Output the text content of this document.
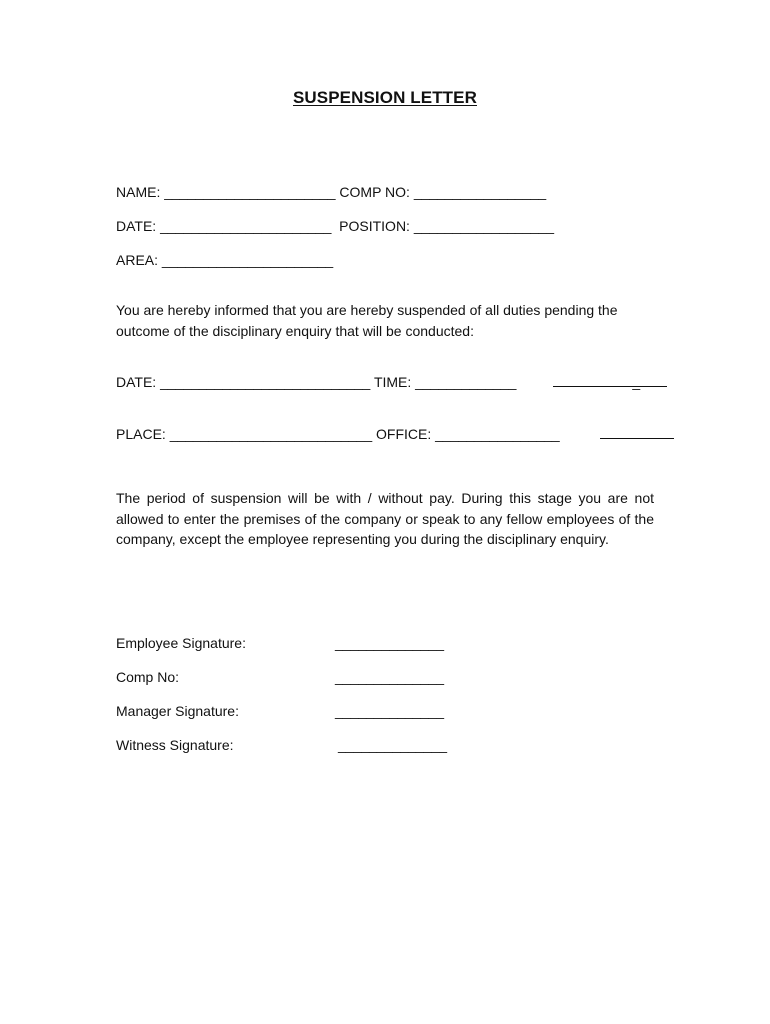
SUSPENSION LETTER
NAME: ______________________ COMP NO: _________________
DATE: ______________________  POSITION: __________________
AREA: ______________________
You are hereby informed that you are hereby suspended of all duties pending the outcome of the disciplinary enquiry that will be conducted:
DATE: ___________________________ TIME: _____________	_
PLACE: __________________________ OFFICE: ________________
The period of suspension will be with / without pay. During this stage you are not allowed to enter the premises of the company or speak to any fellow employees of the company, except the employee representing you during the disciplinary enquiry.
Employee Signature:	______________
Comp No:	______________
Manager Signature:	______________
Witness Signature:	______________
